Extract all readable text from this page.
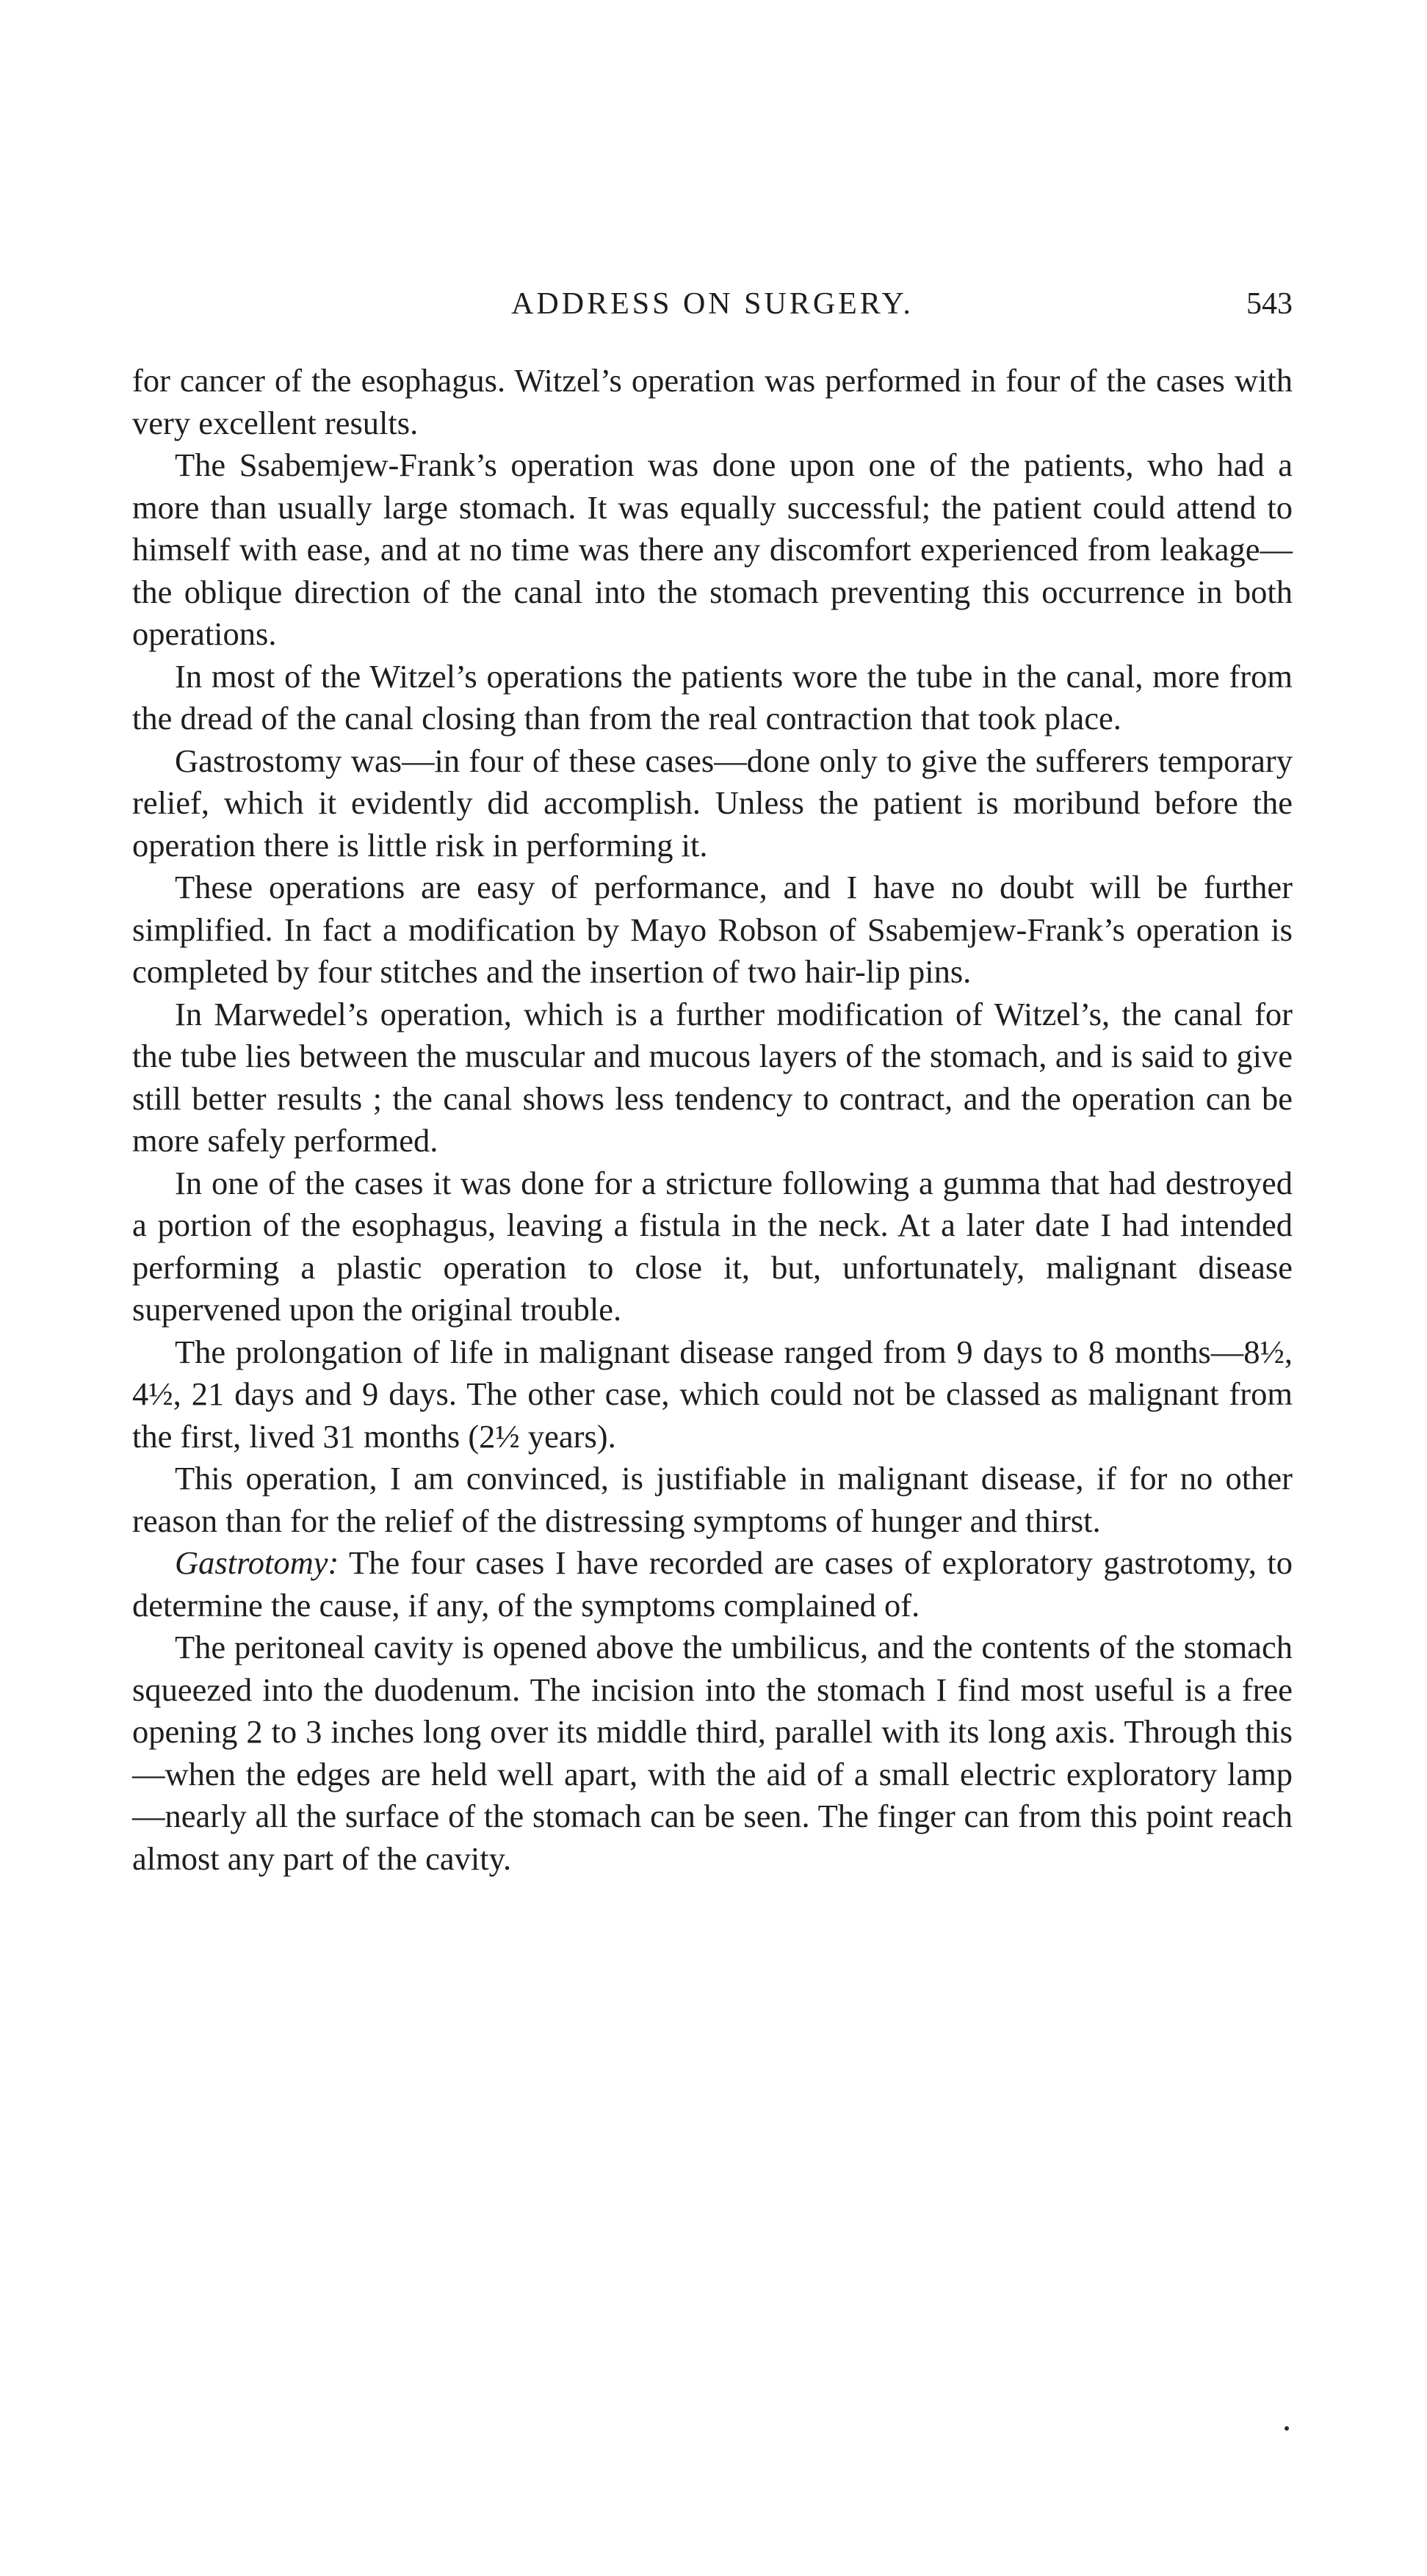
ADDRESS ON SURGERY.	543

for cancer of the esophagus. Witzel’s operation was performed in four of the cases with very excellent results.

The Ssabemjew-Frank’s operation was done upon one of the patients, who had a more than usually large stomach. It was equally successful; the patient could attend to himself with ease, and at no time was there any discomfort experienced from leakage—the oblique direction of the canal into the stomach preventing this occurrence in both operations.

In most of the Witzel’s operations the patients wore the tube in the canal, more from the dread of the canal closing than from the real contraction that took place.

Gastrostomy was—in four of these cases—done only to give the sufferers temporary relief, which it evidently did accomplish. Unless the patient is moribund before the operation there is little risk in performing it.

These operations are easy of performance, and I have no doubt will be further simplified. In fact a modification by Mayo Robson of Ssabemjew-Frank’s operation is completed by four stitches and the insertion of two hair-lip pins.

In Marwedel’s operation, which is a further modification of Witzel’s, the canal for the tube lies between the muscular and mucous layers of the stomach, and is said to give still better results ; the canal shows less tendency to contract, and the operation can be more safely performed.

In one of the cases it was done for a stricture following a gumma that had destroyed a portion of the esophagus, leaving a fistula in the neck. At a later date I had intended performing a plastic operation to close it, but, unfortunately, malignant disease supervened upon the original trouble.

The prolongation of life in malignant disease ranged from 9 days to 8 months—8½, 4½, 21 days and 9 days. The other case, which could not be classed as malignant from the first, lived 31 months (2½ years).

This operation, I am convinced, is justifiable in malignant disease, if for no other reason than for the relief of the distressing symptoms of hunger and thirst.

Gastrotomy: The four cases I have recorded are cases of exploratory gastrotomy, to determine the cause, if any, of the symptoms complained of.

The peritoneal cavity is opened above the umbilicus, and the contents of the stomach squeezed into the duodenum. The incision into the stomach I find most useful is a free opening 2 to 3 inches long over its middle third, parallel with its long axis. Through this—when the edges are held well apart, with the aid of a small electric exploratory lamp—nearly all the surface of the stomach can be seen. The finger can from this point reach almost any part of the cavity.
